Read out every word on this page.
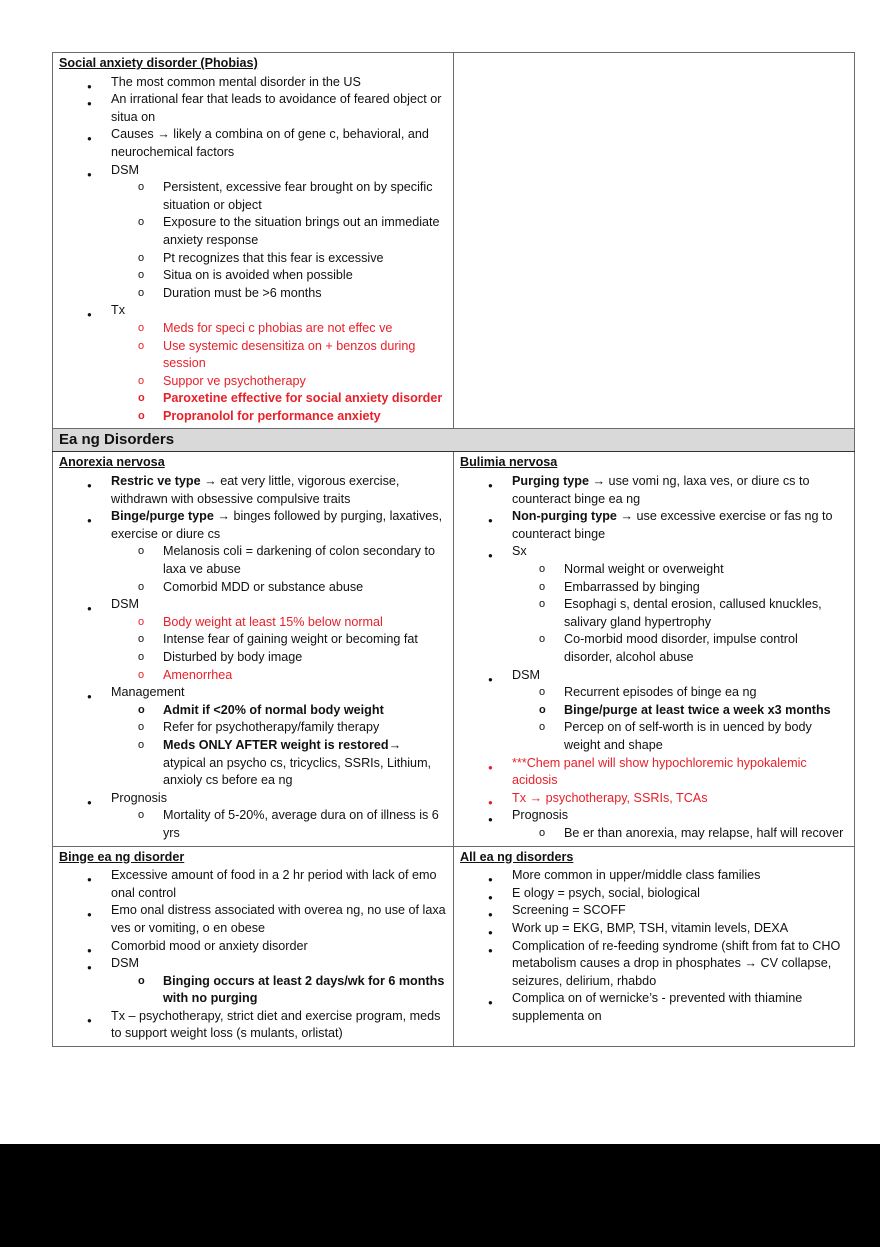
Social anxiety disorder (Phobias)
● The most common mental disorder in the US
● An irrational fear that leads to avoidance of feared object or situa on
● Causes → likely a combina on of gene c, behavioral, and neurochemical factors
● DSM
o Persistent, excessive fear brought on by specific situation or object
o Exposure to the situation brings out an immediate anxiety response
o Pt recognizes that this fear is excessive
o Situa on is avoided when possible
o Duration must be >6 months
● Tx
o Meds for speci c phobias are not effec ve
o Use systemic desensitiza on + benzos during session
o Suppor ve psychotherapy
o Paroxetine effective for social anxiety disorder
o Propranolol for performance anxiety

Ea ng Disorders	
Anorexia nervosa
● Restric ve type → eat very little, vigorous exercise, withdrawn with obsessive compulsive traits
● Binge/purge type → binges followed by purging, laxatives, exercise or diure cs
o Melanosis coli = darkening of colon secondary to laxa ve abuse
o Comorbid MDD or substance abuse
● DSM
o Body weight at least 15% below normal
o Intense fear of gaining weight or becoming fat
o Disturbed by body image
o Amenorrhea
● Management
o Admit if <20% of normal body weight
o Refer for psychotherapy/family therapy
o Meds ONLY AFTER weight is restored→ atypical an psycho cs, tricyclics, SSRIs, Lithium, anxioly cs before ea ng
● Prognosis
o Mortality of 5-20%, average dura on of illness is 6 yrs
	Bulimia nervosa
● Purging type → use vomi ng, laxa ves, or diure cs to counteract binge ea ng
● Non-purging type → use excessive exercise or fas ng to counteract binge
● Sx
o Normal weight or overweight
o Embarrassed by binging
o Esophagi s, dental erosion, callused knuckles, salivary gland hypertrophy
o Co-morbid mood disorder, impulse control disorder, alcohol abuse
● DSM
o Recurrent episodes of binge ea ng
o Binge/purge at least twice a week x3 months
o Percep on of self-worth is in uenced by body weight and shape
● ***Chem panel will show hypochloremic hypokalemic acidosis
● Tx → psychotherapy, SSRIs, TCAs
● Prognosis
o Be er than anorexia, may relapse, half will recover

Binge ea ng disorder
● Excessive amount of food in a 2 hr period with lack of emo onal control
● Emo onal distress associated with overea ng, no use of laxa ves or vomiting, o en obese
● Comorbid mood or anxiety disorder
● DSM
o Binging occurs at least 2 days/wk for 6 months with no purging
● Tx – psychotherapy, strict diet and exercise program, meds to support weight loss (s mulants, orlistat)
	All ea ng disorders
● More common in upper/middle class families
● E ology = psych, social, biological
● Screening = SCOFF
● Work up = EKG, BMP, TSH, vitamin levels, DEXA
● Complication of re-feeding syndrome (shift from fat to CHO metabolism causes a drop in phosphates → CV collapse, seizures, delirium, rhabdo
● Complica on of wernicke’s - prevented with thiamine supplementa on
